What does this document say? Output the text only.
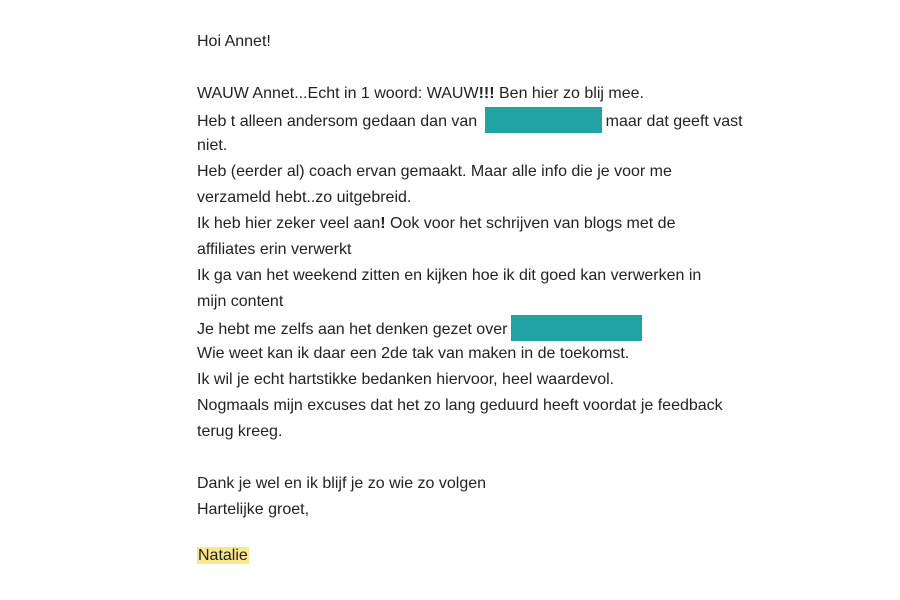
Hoi Annet!
WAUW Annet...Echt in 1 woord: WAUW!!! Ben hier zo blij mee.
Heb t alleen andersom gedaan dan van	maar dat geeft vast
niet.
Heb (eerder al) coach ervan gemaakt. Maar alle info die je voor me
verzameld hebt..zo uitgebreid.
Ik heb hier zeker veel aan! Ook voor het schrijven van blogs met de
affiliates erin verwerkt
Ik ga van het weekend zitten en kijken hoe ik dit goed kan verwerken in
mijn content
Je hebt me zelfs aan het denken gezet over
Wie weet kan ik daar een 2de tak van maken in de toekomst.
Ik wil je echt hartstikke bedanken hiervoor, heel waardevol.
Nogmaals mijn excuses dat het zo lang geduurd heeft voordat je feedback
terug kreeg.
Dank je wel en ik blijf je zo wie zo volgen
Hartelijke groet,
Natalie
